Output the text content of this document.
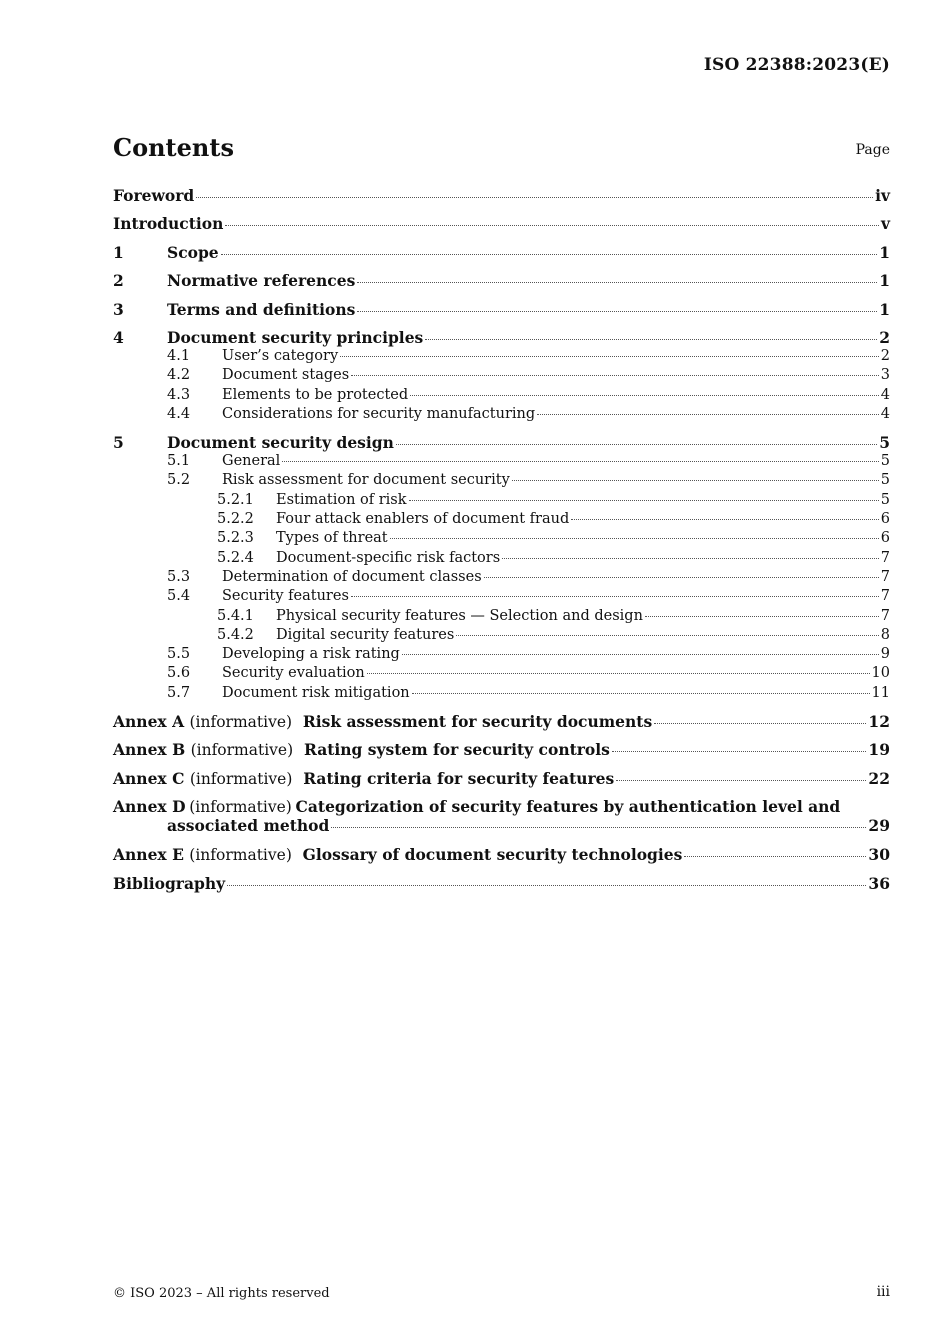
ISO 22388:2023(E)
Contents	Page
Foreword	iv
Introduction	v
1	Scope	1
2	Normative references	1
3	Terms and definitions	1
4	Document security principles	2
4.1	User’s category	2
4.2	Document stages	3
4.3	Elements to be protected	4
4.4	Considerations for security manufacturing	4
5	Document security design	5
5.1	General	5
5.2	Risk assessment for document security	5
5.2.1	Estimation of risk	5
5.2.2	Four attack enablers of document fraud	6
5.2.3	Types of threat	6
5.2.4	Document-specific risk factors	7
5.3	Determination of document classes	7
5.4	Security features	7
5.4.1	Physical security features — Selection and design	7
5.4.2	Digital security features	8
5.5	Developing a risk rating	9
5.6	Security evaluation	10
5.7	Document risk mitigation	11
Annex A (informative) Risk assessment for security documents	12
Annex B (informative) Rating system for security controls	19
Annex C (informative) Rating criteria for security features	22
Annex D (informative) Categorization of security features by authentication level and
associated method	29
Annex E (informative) Glossary of document security technologies	30
Bibliography	36
© ISO 2023 – All rights reserved	iii
